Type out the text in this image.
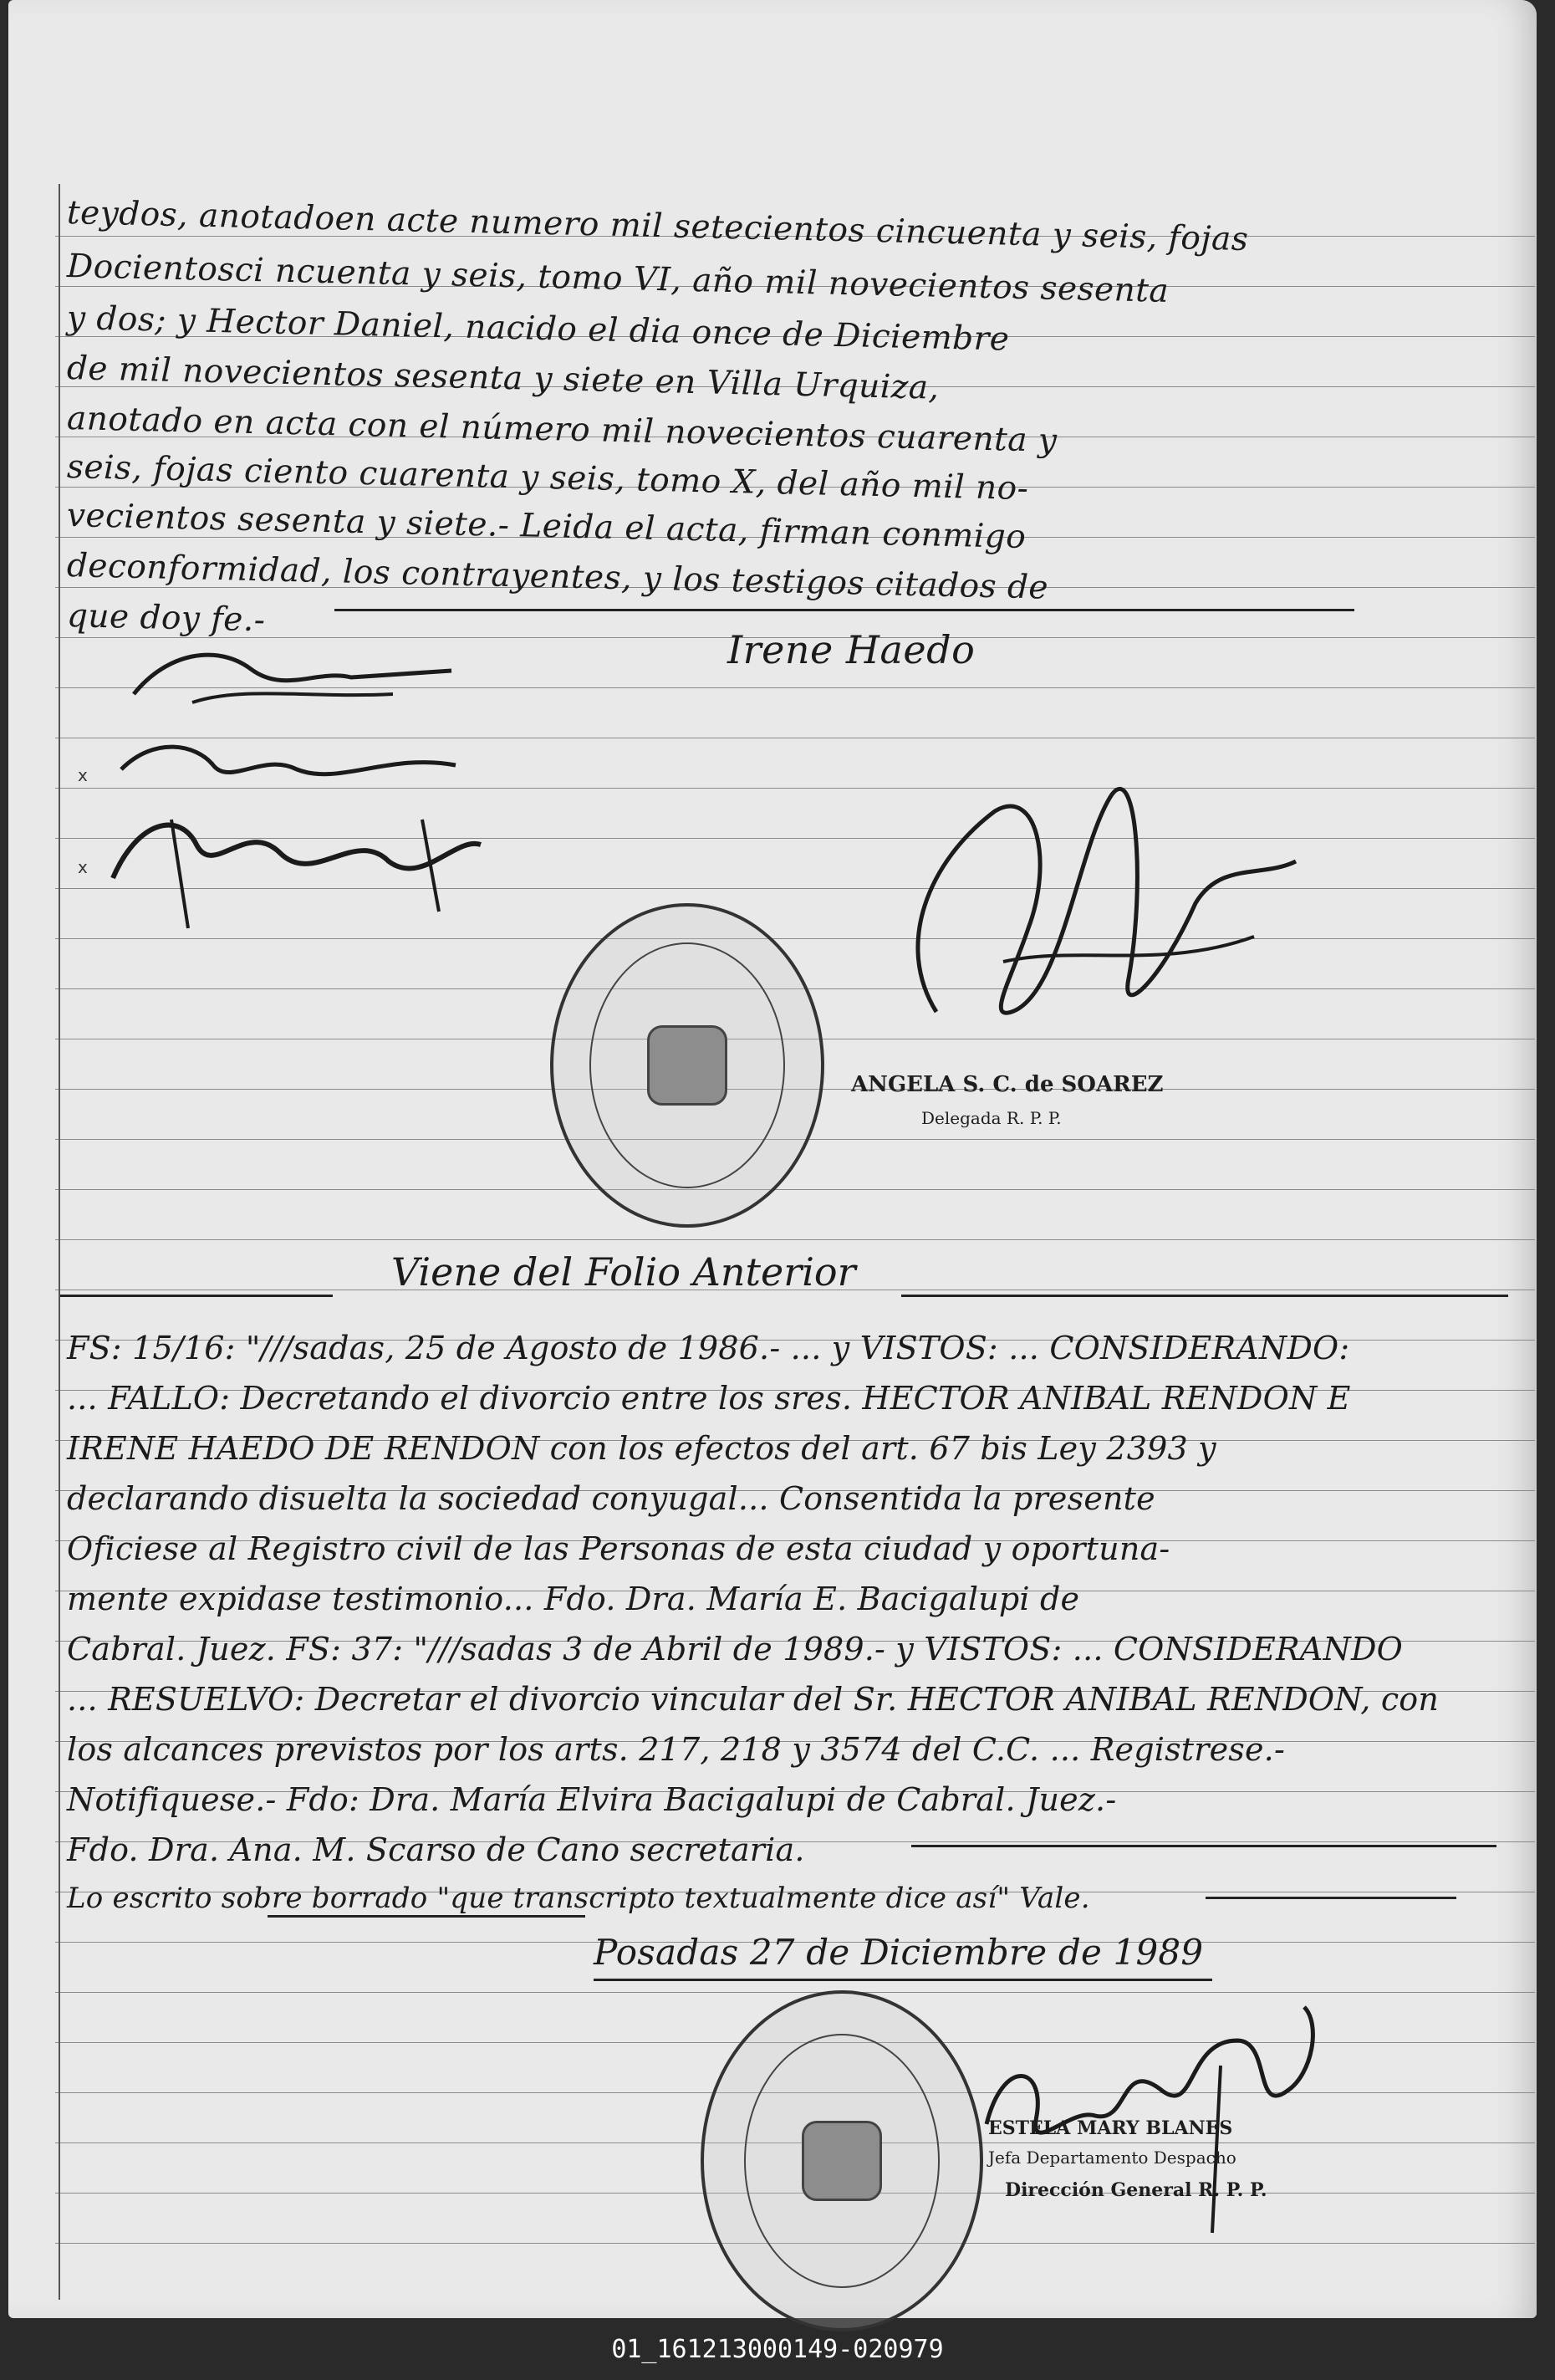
teydos, anotadoen acte numero mil setecientos cincuenta y seis, fojas
Docientosci ncuenta y seis, tomo VI, año mil novecientos sesenta
y dos; y Hector Daniel, nacido el dia once de Diciembre
de mil novecientos sesenta y siete en Villa Urquiza,
anotado en acta con el número mil novecientos cuarenta y
seis, fojas ciento cuarenta y seis, tomo X, del año mil no-
vecientos sesenta y siete.- Leida el acta, firman conmigo
deconformidad, los contrayentes, y los testigos citados de
que doy fe.-
Irene Haedo
x
x
ANGELA S. C. de SOAREZ
Delegada R. P. P.
Viene del Folio Anterior
FS: 15/16: "///sadas, 25 de Agosto de 1986.- ... y VISTOS: ... CONSIDERANDO:
... FALLO: Decretando el divorcio entre los sres. HECTOR ANIBAL RENDON E
IRENE HAEDO DE RENDON con los efectos del art. 67 bis Ley 2393 y
declarando disuelta la sociedad conyugal... Consentida la presente
Oficiese al Registro civil de las Personas de esta ciudad y oportuna-
mente expidase testimonio... Fdo. Dra. María E. Bacigalupi de
Cabral. Juez. FS: 37: "///sadas 3 de Abril de 1989.- y VISTOS: ... CONSIDERANDO
... RESUELVO: Decretar el divorcio vincular del Sr. HECTOR ANIBAL RENDON, con
los alcances previstos por los arts. 217, 218 y 3574 del C.C. ... Registrese.-
Notifiquese.- Fdo: Dra. María Elvira Bacigalupi de Cabral. Juez.-
Fdo. Dra. Ana. M. Scarso de Cano secretaria.
Lo escrito sobre borrado "que transcripto textualmente dice así" Vale.
Posadas 27 de Diciembre de 1989
ESTELA MARY BLANES
Jefa Departamento Despacho
Dirección General R. P. P.
01_161213000149-020979
